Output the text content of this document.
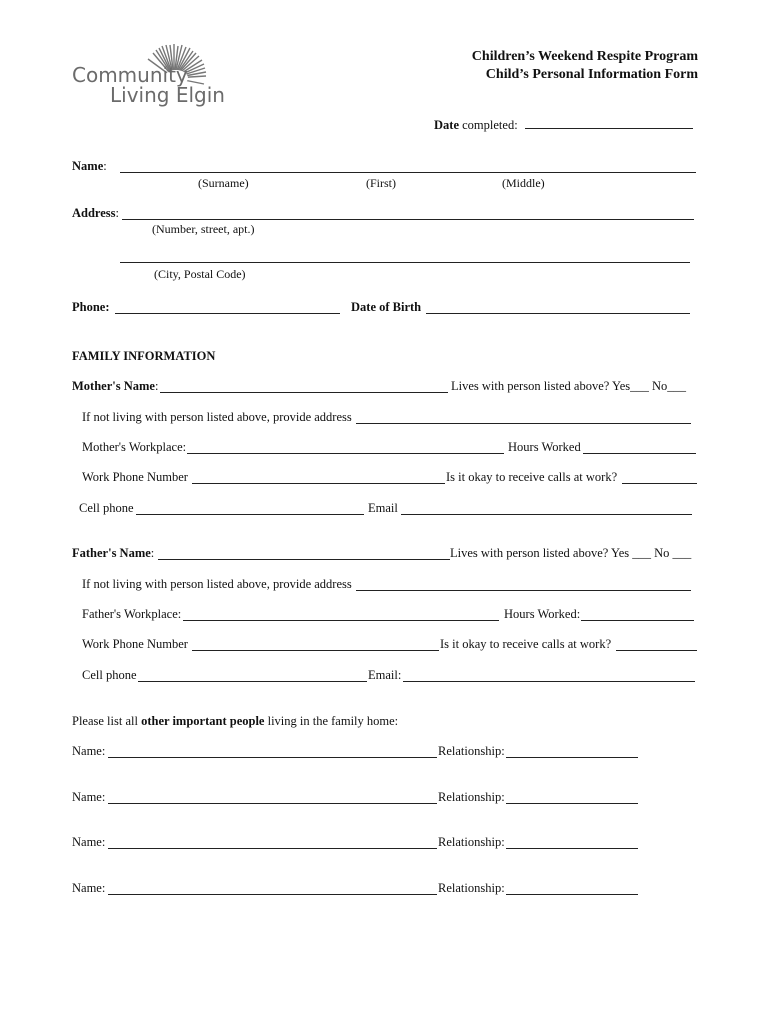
Community
Living Elgin
Children’s Weekend Respite Program
Child’s Personal Information Form
Date completed:
Name:
(Surname)	(First)	(Middle)
Address:
(Number, street, apt.)
(City, Postal Code)
Phone:	Date of Birth
FAMILY INFORMATION
Mother's Name:	Lives with person listed above? Yes___ No___
If not living with person listed above, provide address
Mother's Workplace:	Hours Worked
Work Phone Number	Is it okay to receive calls at work?
Cell phone	Email
Father's Name:	Lives with person listed above? Yes ___ No ___
If not living with person listed above, provide address
Father's Workplace:	Hours Worked:
Work Phone Number	Is it okay to receive calls at work?
Cell phone	Email:
Please list all other important people living in the family home:
Name:	Relationship:
Name:	Relationship:
Name:	Relationship:
Name:	Relationship:
